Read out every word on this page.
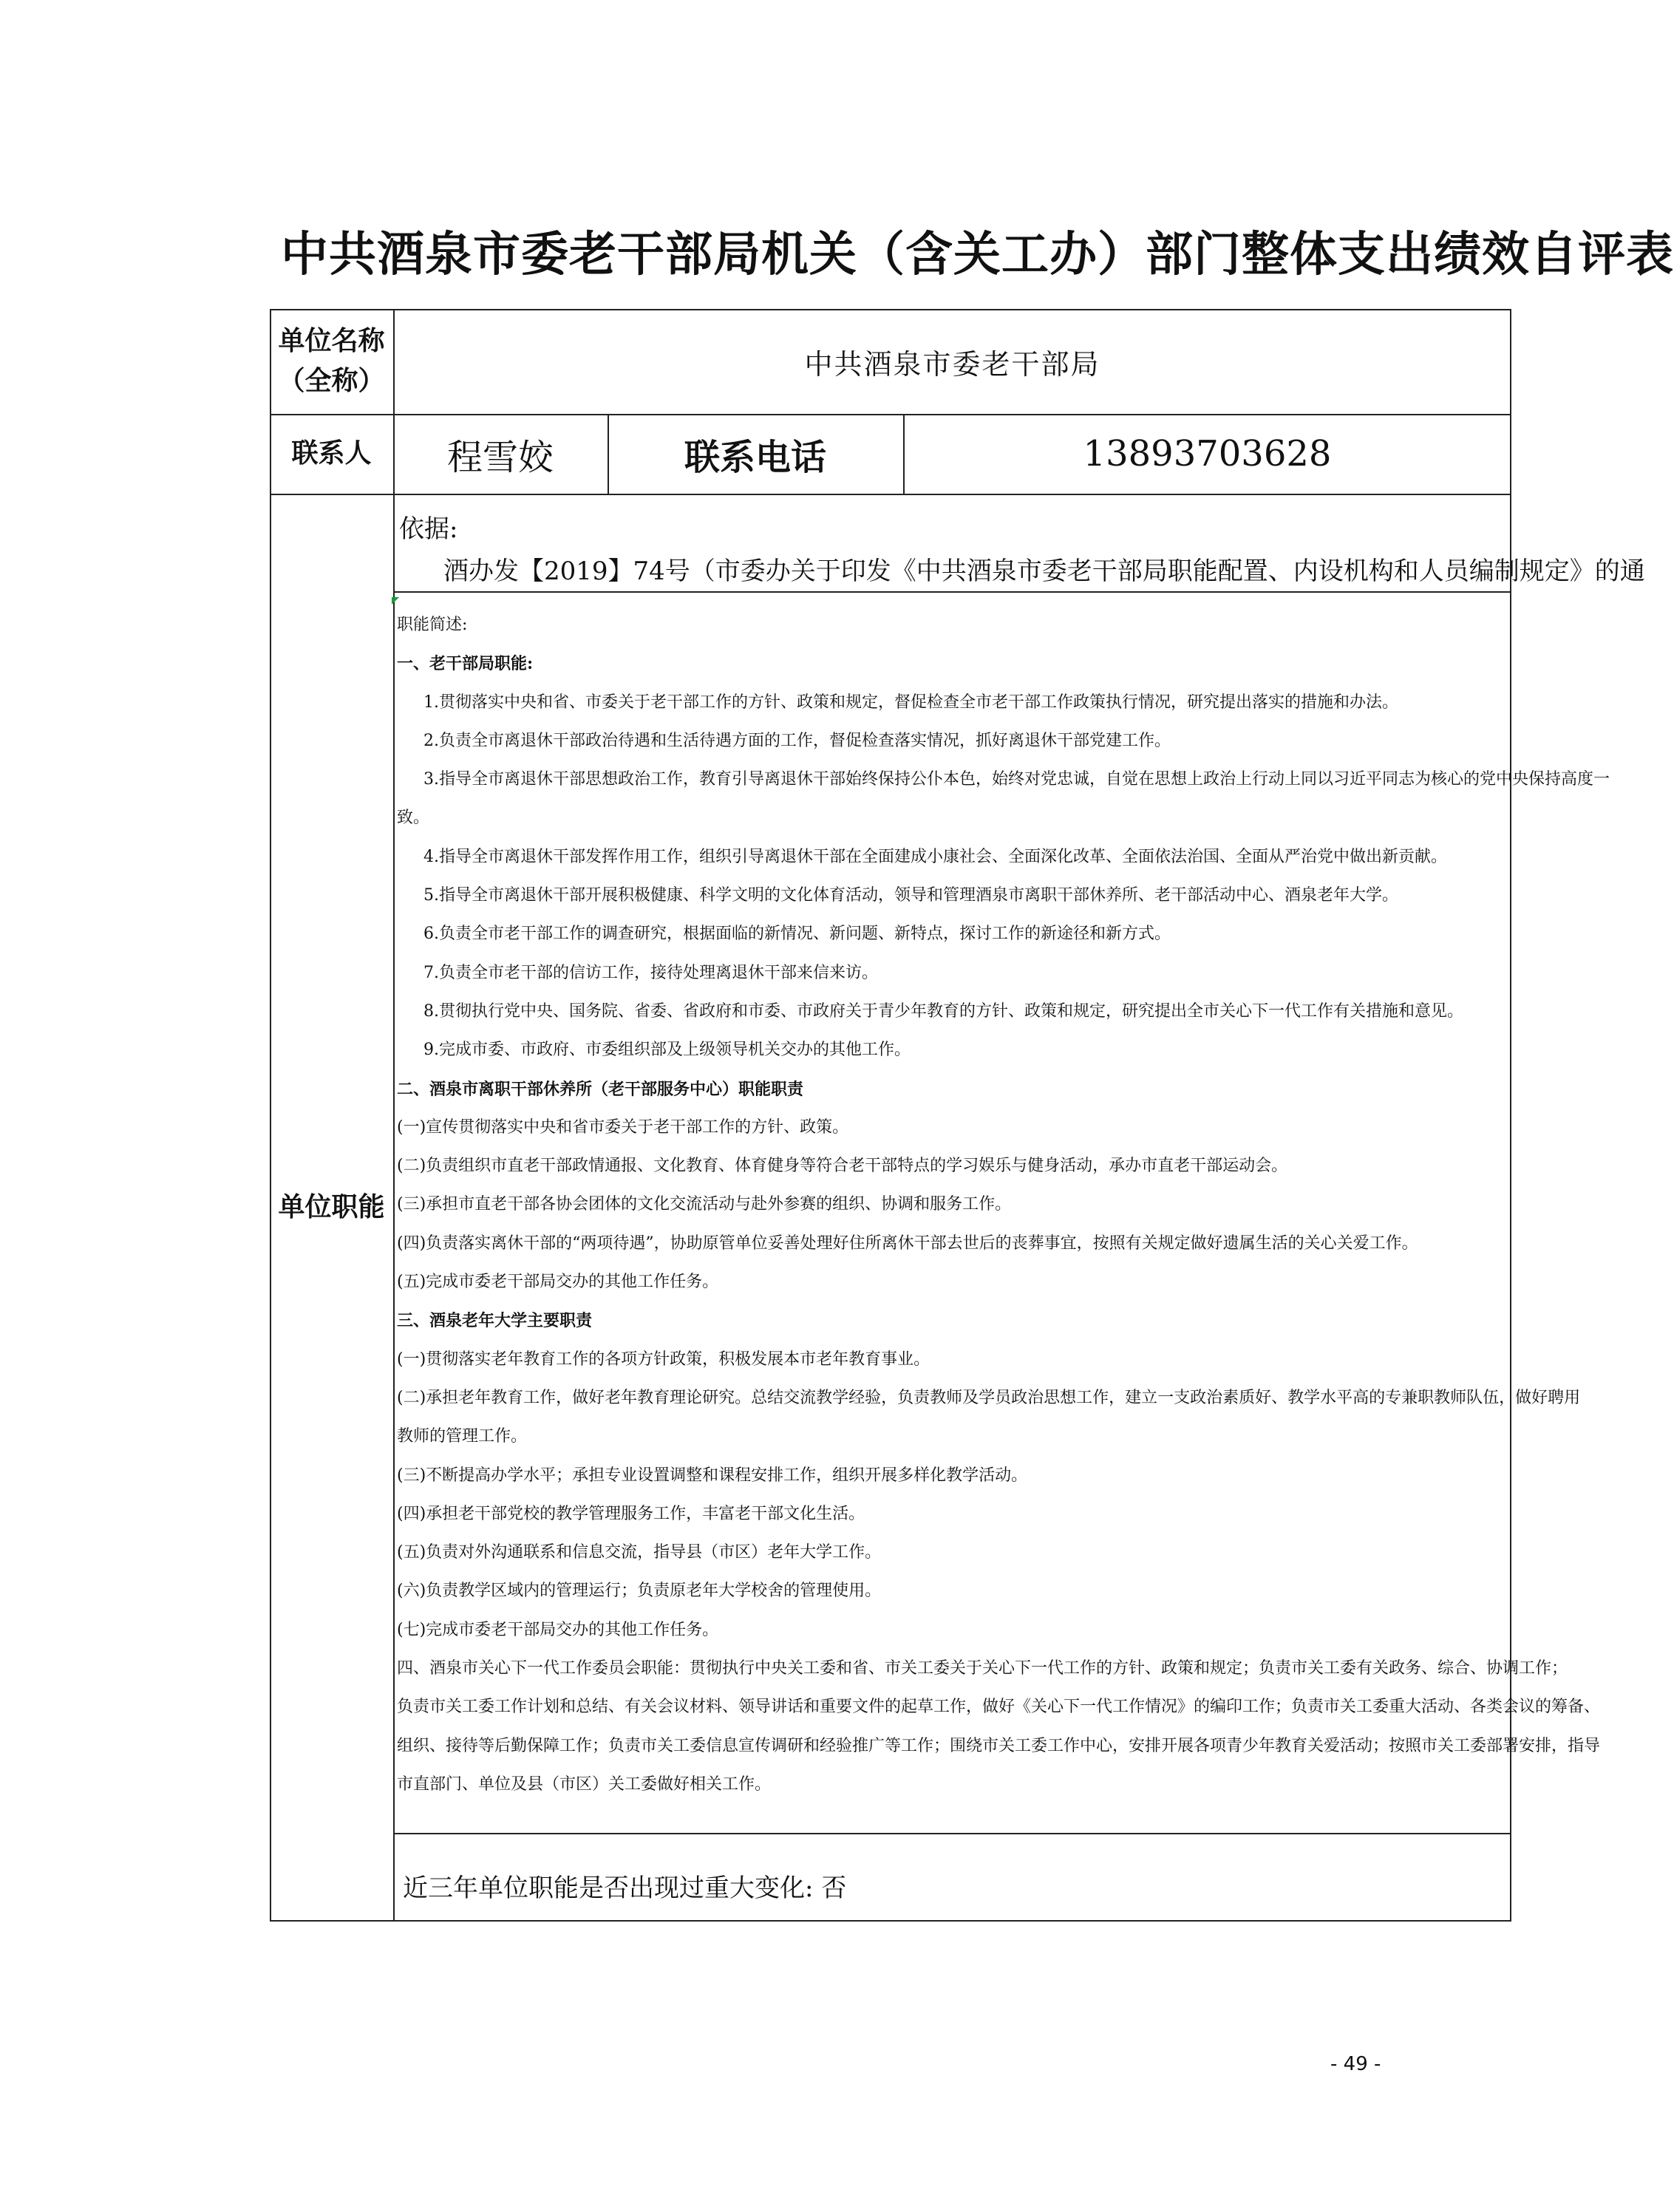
中共酒泉市委老干部局机关（含关工办）部门整体支出绩效自评表
单位名称
（全称）
中共酒泉市委老干部局
联系人	程雪姣	联系电话	13893703628
单位职能
依据:
酒办发【2019】74号（市委办关于印发《中共酒泉市委老干部局职能配置、内设机构和人员编制规定》的通
职能简述:
一、老干部局职能:
1.贯彻落实中央和省、市委关于老干部工作的方针、政策和规定，督促检查全市老干部工作政策执行情况，研究提出落实的措施和办法。
2.负责全市离退休干部政治待遇和生活待遇方面的工作，督促检查落实情况，抓好离退休干部党建工作。
3.指导全市离退休干部思想政治工作，教育引导离退休干部始终保持公仆本色，始终对党忠诚，自觉在思想上政治上行动上同以习近平同志为核心的党中央保持高度一
致。
4.指导全市离退休干部发挥作用工作，组织引导离退休干部在全面建成小康社会、全面深化改革、全面依法治国、全面从严治党中做出新贡献。
5.指导全市离退休干部开展积极健康、科学文明的文化体育活动，领导和管理酒泉市离职干部休养所、老干部活动中心、酒泉老年大学。
6.负责全市老干部工作的调查研究，根据面临的新情况、新问题、新特点，探讨工作的新途径和新方式。
7.负责全市老干部的信访工作，接待处理离退休干部来信来访。
8.贯彻执行党中央、国务院、省委、省政府和市委、市政府关于青少年教育的方针、政策和规定，研究提出全市关心下一代工作有关措施和意见。
9.完成市委、市政府、市委组织部及上级领导机关交办的其他工作。
二、酒泉市离职干部休养所（老干部服务中心）职能职责
(一)宣传贯彻落实中央和省市委关于老干部工作的方针、政策。
(二)负责组织市直老干部政情通报、文化教育、体育健身等符合老干部特点的学习娱乐与健身活动，承办市直老干部运动会。
(三)承担市直老干部各协会团体的文化交流活动与赴外参赛的组织、协调和服务工作。
(四)负责落实离休干部的“两项待遇”，协助原管单位妥善处理好住所离休干部去世后的丧葬事宜，按照有关规定做好遗属生活的关心关爱工作。
(五)完成市委老干部局交办的其他工作任务。
三、酒泉老年大学主要职责
(一)贯彻落实老年教育工作的各项方针政策，积极发展本市老年教育事业。
(二)承担老年教育工作，做好老年教育理论研究。总结交流教学经验，负责教师及学员政治思想工作，建立一支政治素质好、教学水平高的专兼职教师队伍，做好聘用
教师的管理工作。
(三)不断提高办学水平；承担专业设置调整和课程安排工作，组织开展多样化教学活动。
(四)承担老干部党校的教学管理服务工作，丰富老干部文化生活。
(五)负责对外沟通联系和信息交流，指导县（市区）老年大学工作。
(六)负责教学区域内的管理运行；负责原老年大学校舍的管理使用。
(七)完成市委老干部局交办的其他工作任务。
四、酒泉市关心下一代工作委员会职能：贯彻执行中央关工委和省、市关工委关于关心下一代工作的方针、政策和规定；负责市关工委有关政务、综合、协调工作；
负责市关工委工作计划和总结、有关会议材料、领导讲话和重要文件的起草工作，做好《关心下一代工作情况》的编印工作；负责市关工委重大活动、各类会议的筹备、
组织、接待等后勤保障工作；负责市关工委信息宣传调研和经验推广等工作；围绕市关工委工作中心，安排开展各项青少年教育关爱活动；按照市关工委部署安排，指导
市直部门、单位及县（市区）关工委做好相关工作。
近三年单位职能是否出现过重大变化: 否
- 49 -
